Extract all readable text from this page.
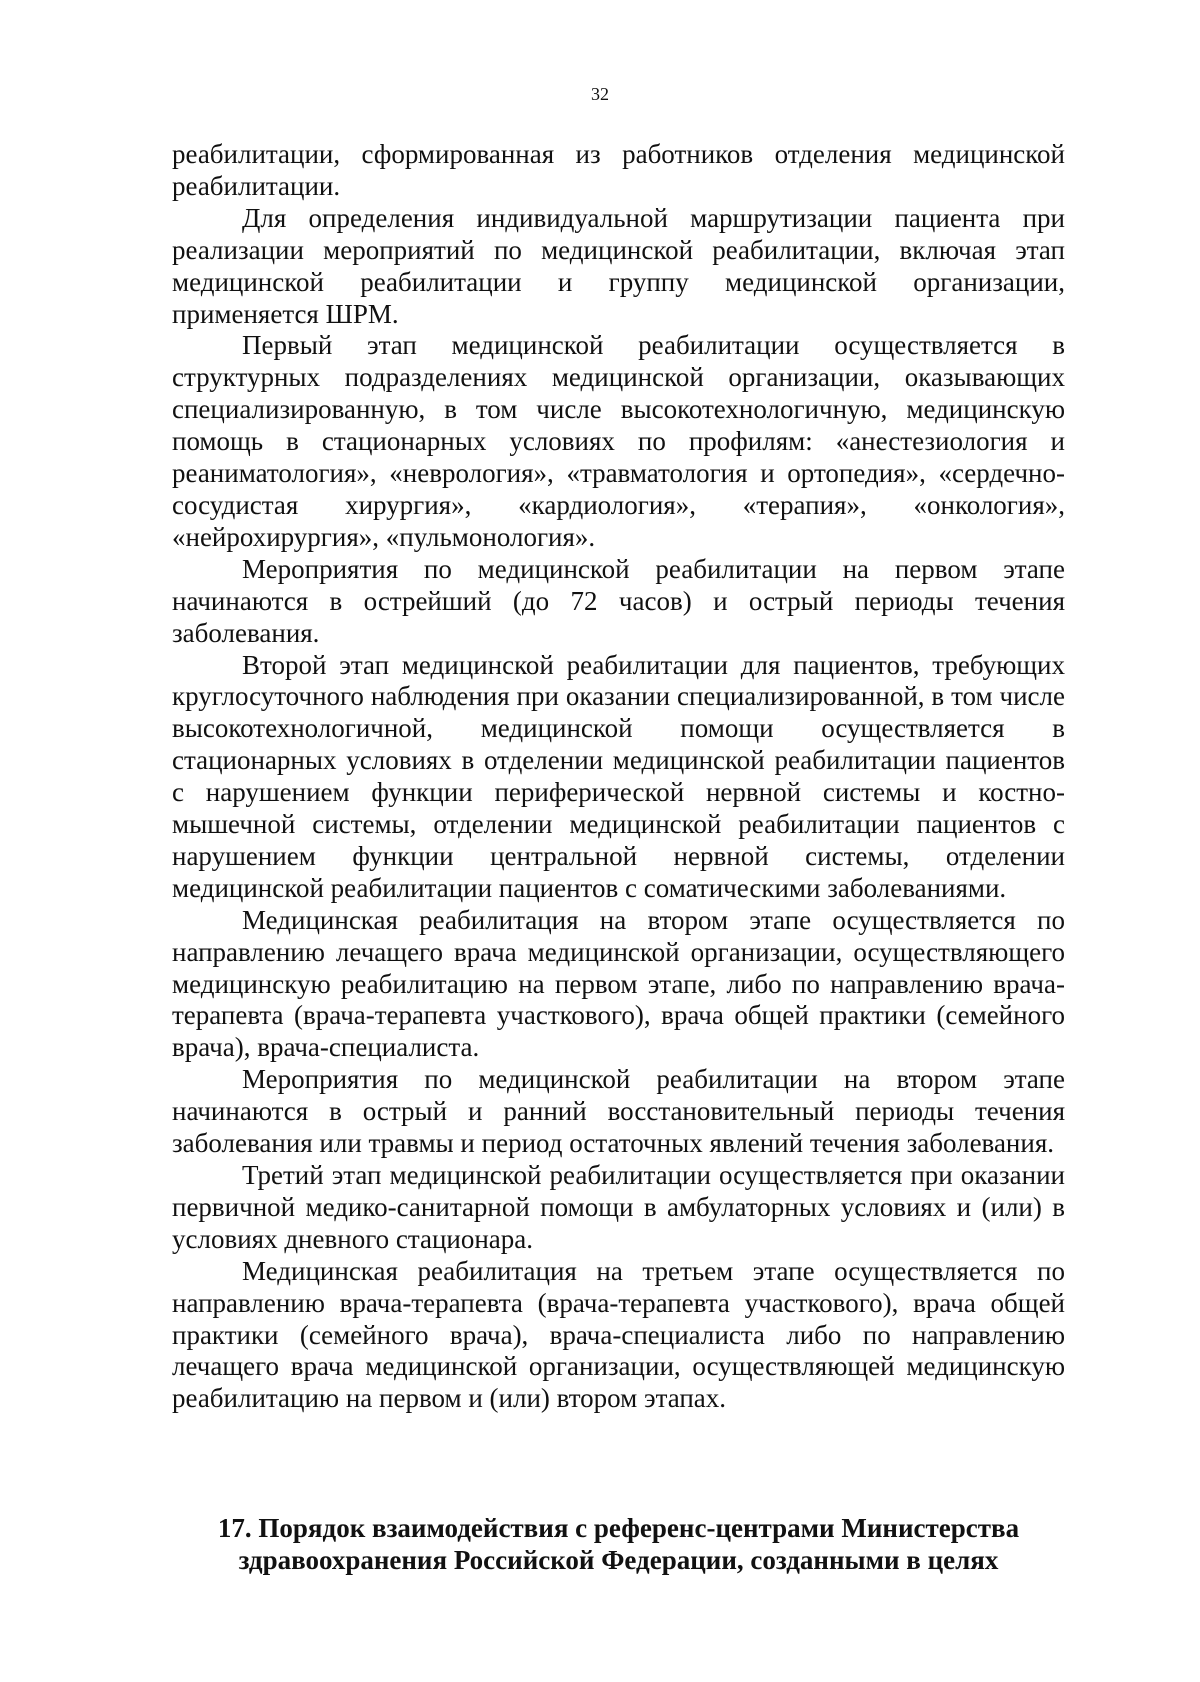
32

реабилитации, сформированная из работников отделения медицинской реабилитации.

Для определения индивидуальной маршрутизации пациента при реализации мероприятий по медицинской реабилитации, включая этап медицинской реабилитации и группу медицинской организации, применяется ШРМ.

Первый этап медицинской реабилитации осуществляется в структурных подразделениях медицинской организации, оказывающих специализированную, в том числе высокотехнологичную, медицинскую помощь в стационарных условиях по профилям: «анестезиология и реаниматология», «неврология», «травматология и ортопедия», «сердечно-сосудистая хирургия», «кардиология», «терапия», «онкология», «нейрохирургия», «пульмонология».

Мероприятия по медицинской реабилитации на первом этапе начинаются в острейший (до 72 часов) и острый периоды течения заболевания.

Второй этап медицинской реабилитации для пациентов, требующих круглосуточного наблюдения при оказании специализированной, в том числе высокотехнологичной, медицинской помощи осуществляется в стационарных условиях в отделении медицинской реабилитации пациентов с нарушением функции периферической нервной системы и костно-мышечной системы, отделении медицинской реабилитации пациентов с нарушением функции центральной нервной системы, отделении медицинской реабилитации пациентов с соматическими заболеваниями.

Медицинская реабилитация на втором этапе осуществляется по направлению лечащего врача медицинской организации, осуществляющего медицинскую реабилитацию на первом этапе, либо по направлению врача-терапевта (врача-терапевта участкового), врача общей практики (семейного врача), врача-специалиста.

Мероприятия по медицинской реабилитации на втором этапе начинаются в острый и ранний восстановительный периоды течения заболевания или травмы и период остаточных явлений течения заболевания.

Третий этап медицинской реабилитации осуществляется при оказании первичной медико-санитарной помощи в амбулаторных условиях и (или) в условиях дневного стационара.

Медицинская реабилитация на третьем этапе осуществляется по направлению врача-терапевта (врача-терапевта участкового), врача общей практики (семейного врача), врача-специалиста либо по направлению лечащего врача медицинской организации, осуществляющей медицинскую реабилитацию на первом и (или) втором этапах.

17. Порядок взаимодействия с референс-центрами Министерства
здравоохранения Российской Федерации, созданными в целях
